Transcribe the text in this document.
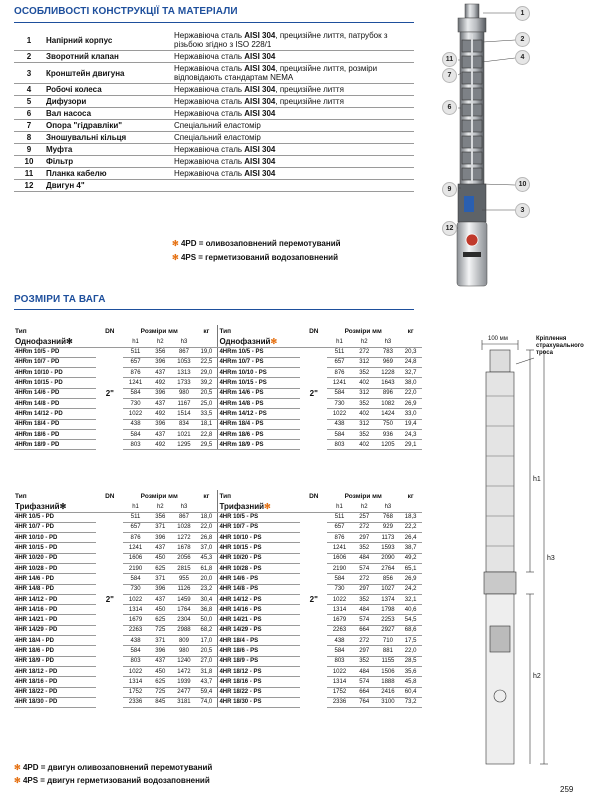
ОСОБЛИВОСТІ КОНСТРУКЦІЇ ТА МАТЕРІАЛИ
1	Напірний корпус	Нержавіюча сталь AISI 304, прецизійне лиття, патрубок з різьбою згідно з ISO 228/1
2	Зворотний клапан	Нержавіюча сталь AISI 304
3	Кронштейн двигуна	Нержавіюча сталь AISI 304, прецизійне лиття, розміри відповідають стандартам NEMA
4	Робочі колеса	Нержавіюча сталь AISI 304, прецизійне лиття
5	Дифузори	Нержавіюча сталь AISI 304, прецизійне лиття
6	Вал насоса	Нержавіюча сталь AISI 304
7	Опора "гідравліки"	Спеціальний еластомір
8	Зношувальні кільця	Спеціальний еластомір
9	Муфта	Нержавіюча сталь AISI 304
10	Фільтр	Нержавіюча сталь AISI 304
11	Планка кабелю	Нержавіюча сталь AISI 304
12	Двигун 4"	
✻ 4PD = оливозаповнений перемотуваний
✻ 4PS = герметизований водозаповнений
1
2
4
10
3
11
7
6
9
12
РОЗМІРИ ТА ВАГА
Тип	DN	Розміри мм			кг	Тип	DN	Розміри мм			кг
Однофазний✻		h1	h2	h3		Однофазний✻		h1	h2	h3	
4HRm 10/5 - PD		511	356	867	19,0	4HRm 10/5 - PS		511	272	783	20,3
4HRm 10/7 - PD		657	396	1053	22,5	4HRm 10/7 - PS		657	312	969	24,8
4HRm 10/10 - PD		876	437	1313	29,0	4HRm 10/10 - PS		876	352	1228	32,7
4HRm 10/15 - PD		1241	492	1733	39,2	4HRm 10/15 - PS		1241	402	1643	38,0
4HRm 14/6 - PD	2"	584	396	980	20,5	4HRm 14/6 - PS	2"	584	312	896	22,0
4HRm 14/8 - PD		730	437	1167	25,0	4HRm 14/8 - PS		730	352	1082	26,9
4HRm 14/12 - PD		1022	492	1514	33,5	4HRm 14/12 - PS		1022	402	1424	33,0
4HRm 18/4 - PD		438	396	834	18,1	4HRm 18/4 - PS		438	312	750	19,4
4HRm 18/6 - PD		584	437	1021	22,8	4HRm 18/6 - PS		584	352	936	24,3
4HRm 18/9 - PD		803	492	1295	29,5	4HRm 18/9 - PS		803	402	1205	29,1
Тип	DN	Розміри мм			кг	Тип	DN	Розміри мм			кг
Трифазний✻		h1	h2	h3		Трифазний✻		h1	h2	h3	
4HR 10/5 - PD		511	356	867	18,0	4HR 10/5 - PS		511	257	768	18,3
4HR 10/7 - PD		657	371	1028	22,0	4HR 10/7 - PS		657	272	929	22,2
4HR 10/10 - PD		876	396	1272	26,8	4HR 10/10 - PS		876	297	1173	26,4
4HR 10/15 - PD		1241	437	1678	37,0	4HR 10/15 - PS		1241	352	1593	38,7
4HR 10/20 - PD		1606	450	2056	45,3	4HR 10/20 - PS		1606	484	2090	49,2
4HR 10/28 - PD		2190	625	2815	61,8	4HR 10/28 - PS		2190	574	2764	65,1
4HR 14/6 - PD		584	371	955	20,0	4HR 14/6 - PS		584	272	856	26,9
4HR 14/8 - PD		730	396	1126	23,2	4HR 14/8 - PS		730	297	1027	24,2
4HR 14/12 - PD	2"	1022	437	1459	30,4	4HR 14/12 - PS	2"	1022	352	1374	32,1
4HR 14/16 - PD		1314	450	1764	36,8	4HR 14/16 - PS		1314	484	1798	40,6
4HR 14/21 - PD		1679	625	2304	50,0	4HR 14/21 - PS		1679	574	2253	54,5
4HR 14/29 - PD		2263	725	2988	68,2	4HR 14/29 - PS		2263	664	2927	68,6
4HR 18/4 - PD		438	371	809	17,0	4HR 18/4 - PS		438	272	710	17,5
4HR 18/6 - PD		584	396	980	20,5	4HR 18/6 - PS		584	297	881	22,0
4HR 18/9 - PD		803	437	1240	27,0	4HR 18/9 - PS		803	352	1155	28,5
4HR 18/12 - PD		1022	450	1472	31,8	4HR 18/12 - PS		1022	484	1506	35,6
4HR 18/16 - PD		1314	625	1939	43,7	4HR 18/16 - PS		1314	574	1888	45,8
4HR 18/22 - PD		1752	725	2477	59,4	4HR 18/22 - PS		1752	664	2416	60,4
4HR 18/30 - PD		2336	845	3181	74,0	4HR 18/30 - PS		2336	764	3100	73,2
100 мм	Кріплення страхувального троса
h1
h3
h2
✻ 4PD = двигун оливозаповнений перемотуваний
✻ 4PS = двигун герметизований водозаповнений
259
